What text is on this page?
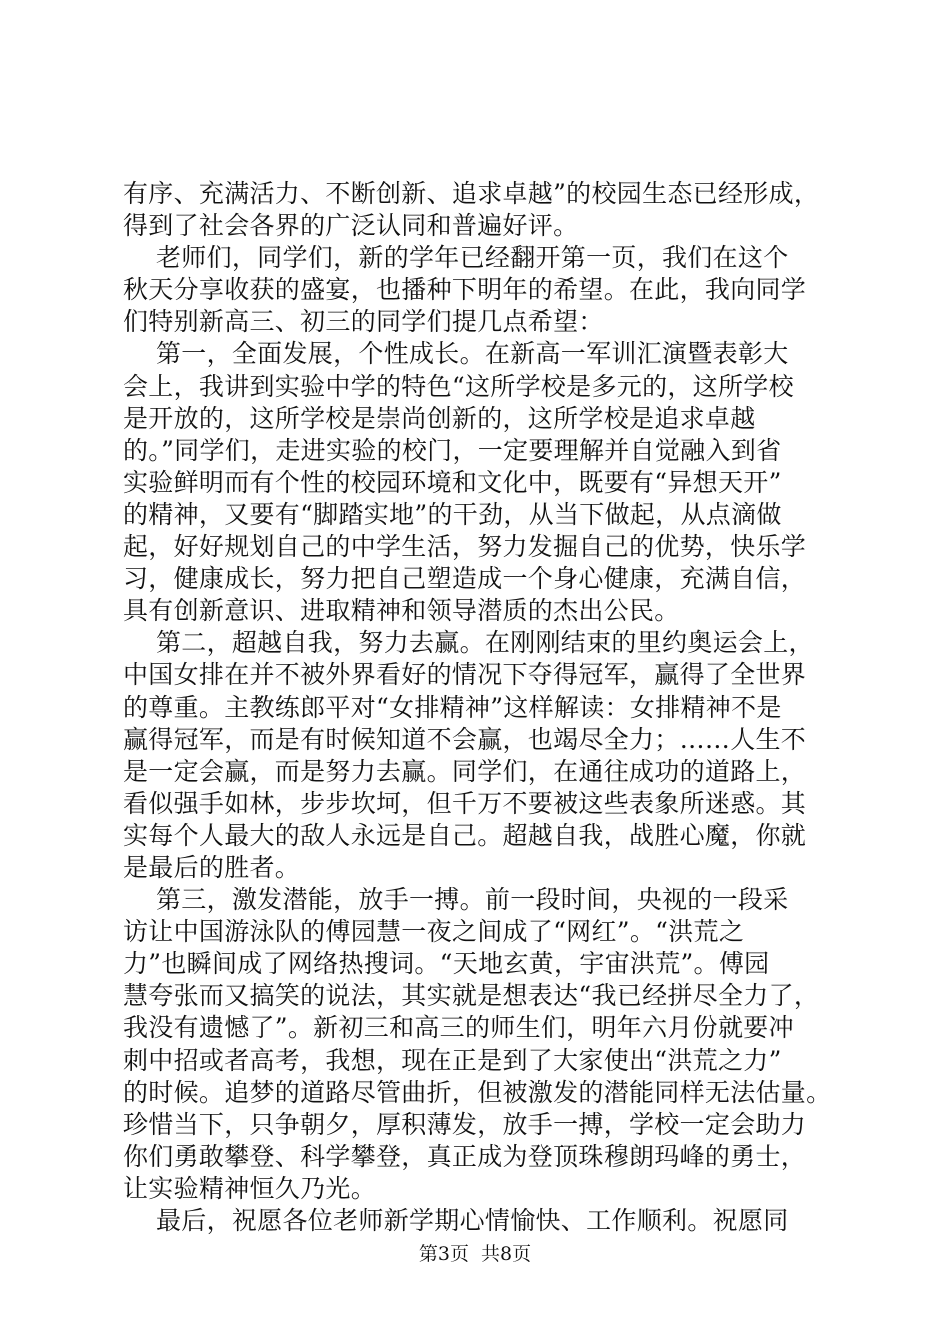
有序、充满活力、不断创新、追求卓越”的校园生态已经形成，
得到了社会各界的广泛认同和普遍好评。
老师们，同学们，新的学年已经翻开第一页，我们在这个
秋天分享收获的盛宴，也播种下明年的希望。在此，我向同学
们特别新高三、初三的同学们提几点希望：
第一，全面发展，个性成长。在新高一军训汇演暨表彰大
会上，我讲到实验中学的特色“这所学校是多元的，这所学校
是开放的，这所学校是崇尚创新的，这所学校是追求卓越
的。”同学们，走进实验的校门，一定要理解并自觉融入到省
实验鲜明而有个性的校园环境和文化中，既要有“异想天开”
的精神，又要有“脚踏实地”的干劲，从当下做起，从点滴做
起，好好规划自己的中学生活，努力发掘自己的优势，快乐学
习，健康成长，努力把自己塑造成一个身心健康，充满自信，
具有创新意识、进取精神和领导潜质的杰出公民。
第二，超越自我，努力去赢。在刚刚结束的里约奥运会上，
中国女排在并不被外界看好的情况下夺得冠军，赢得了全世界
的尊重。主教练郎平对“女排精神”这样解读：女排精神不是
赢得冠军，而是有时候知道不会赢，也竭尽全力；……人生不
是一定会赢，而是努力去赢。同学们，在通往成功的道路上，
看似强手如林，步步坎坷，但千万不要被这些表象所迷惑。其
实每个人最大的敌人永远是自己。超越自我，战胜心魔，你就
是最后的胜者。
第三，激发潜能，放手一搏。前一段时间，央视的一段采
访让中国游泳队的傅园慧一夜之间成了“网红”。“洪荒之
力”也瞬间成了网络热搜词。“天地玄黄，宇宙洪荒”。傅园
慧夸张而又搞笑的说法，其实就是想表达“我已经拼尽全力了，
我没有遗憾了”。新初三和高三的师生们，明年六月份就要冲
刺中招或者高考，我想，现在正是到了大家使出“洪荒之力”
的时候。追梦的道路尽管曲折，但被激发的潜能同样无法估量。
珍惜当下，只争朝夕，厚积薄发，放手一搏，学校一定会助力
你们勇敢攀登、科学攀登，真正成为登顶珠穆朗玛峰的勇士，
让实验精神恒久乃光。
最后，祝愿各位老师新学期心情愉快、工作顺利。祝愿同
第3页  共8页
